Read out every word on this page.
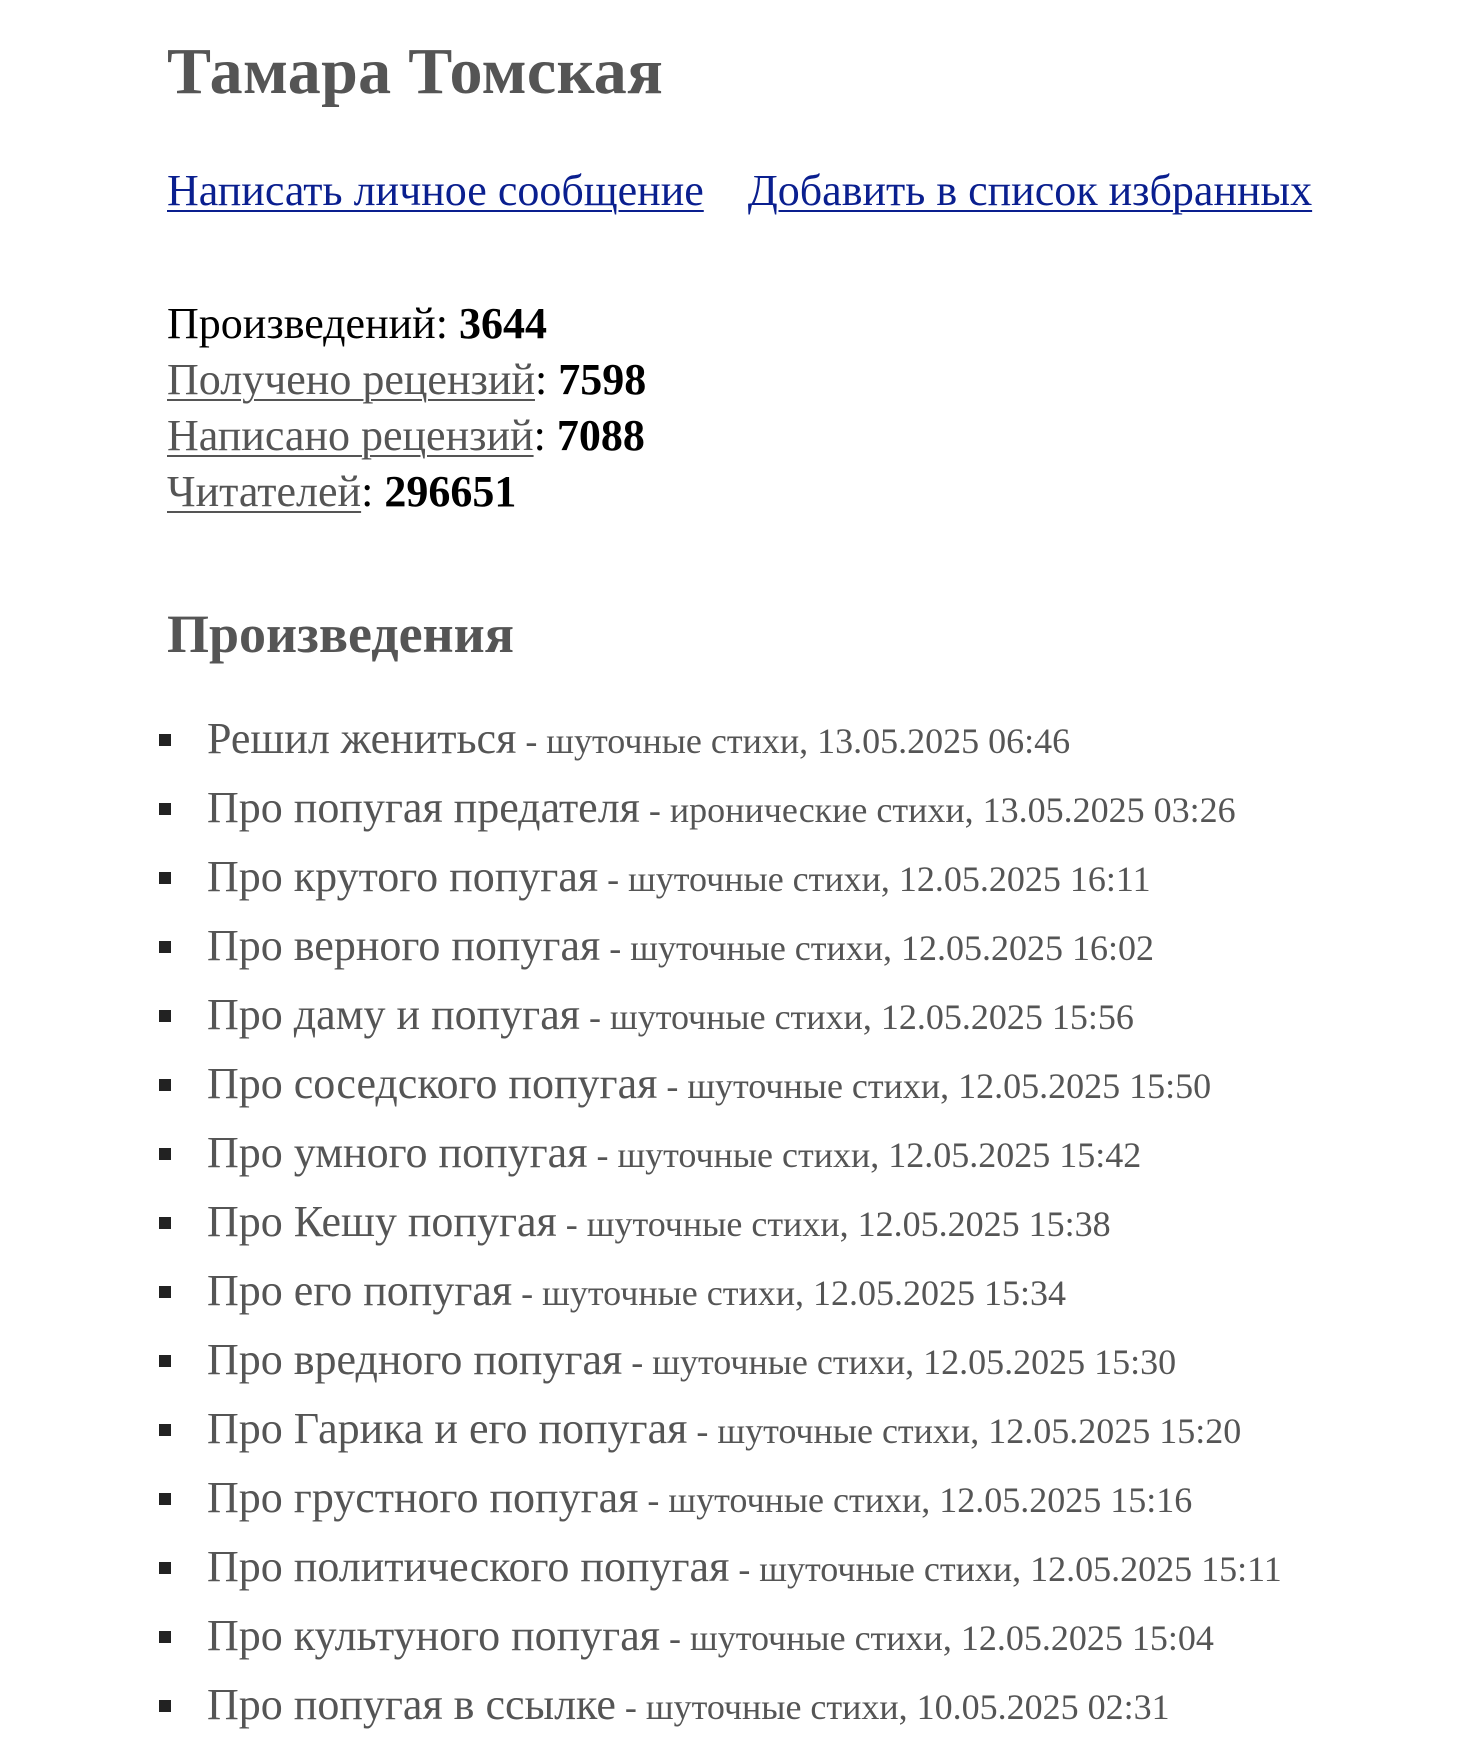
Тамара Томская
Написать личное сообщение Добавить в список избранных
Произведений: 3644
Получено рецензий: 7598
Написано рецензий: 7088
Читателей: 296651
Произведения
Решил жениться - шуточные стихи, 13.05.2025 06:46
Про попугая предателя - иронические стихи, 13.05.2025 03:26
Про крутого попугая - шуточные стихи, 12.05.2025 16:11
Про верного попугая - шуточные стихи, 12.05.2025 16:02
Про даму и попугая - шуточные стихи, 12.05.2025 15:56
Про соседского попугая - шуточные стихи, 12.05.2025 15:50
Про умного попугая - шуточные стихи, 12.05.2025 15:42
Про Кешу попугая - шуточные стихи, 12.05.2025 15:38
Про его попугая - шуточные стихи, 12.05.2025 15:34
Про вредного попугая - шуточные стихи, 12.05.2025 15:30
Про Гарика и его попугая - шуточные стихи, 12.05.2025 15:20
Про грустного попугая - шуточные стихи, 12.05.2025 15:16
Про политического попугая - шуточные стихи, 12.05.2025 15:11
Про культуного попугая - шуточные стихи, 12.05.2025 15:04
Про попугая в ссылке - шуточные стихи, 10.05.2025 02:31
